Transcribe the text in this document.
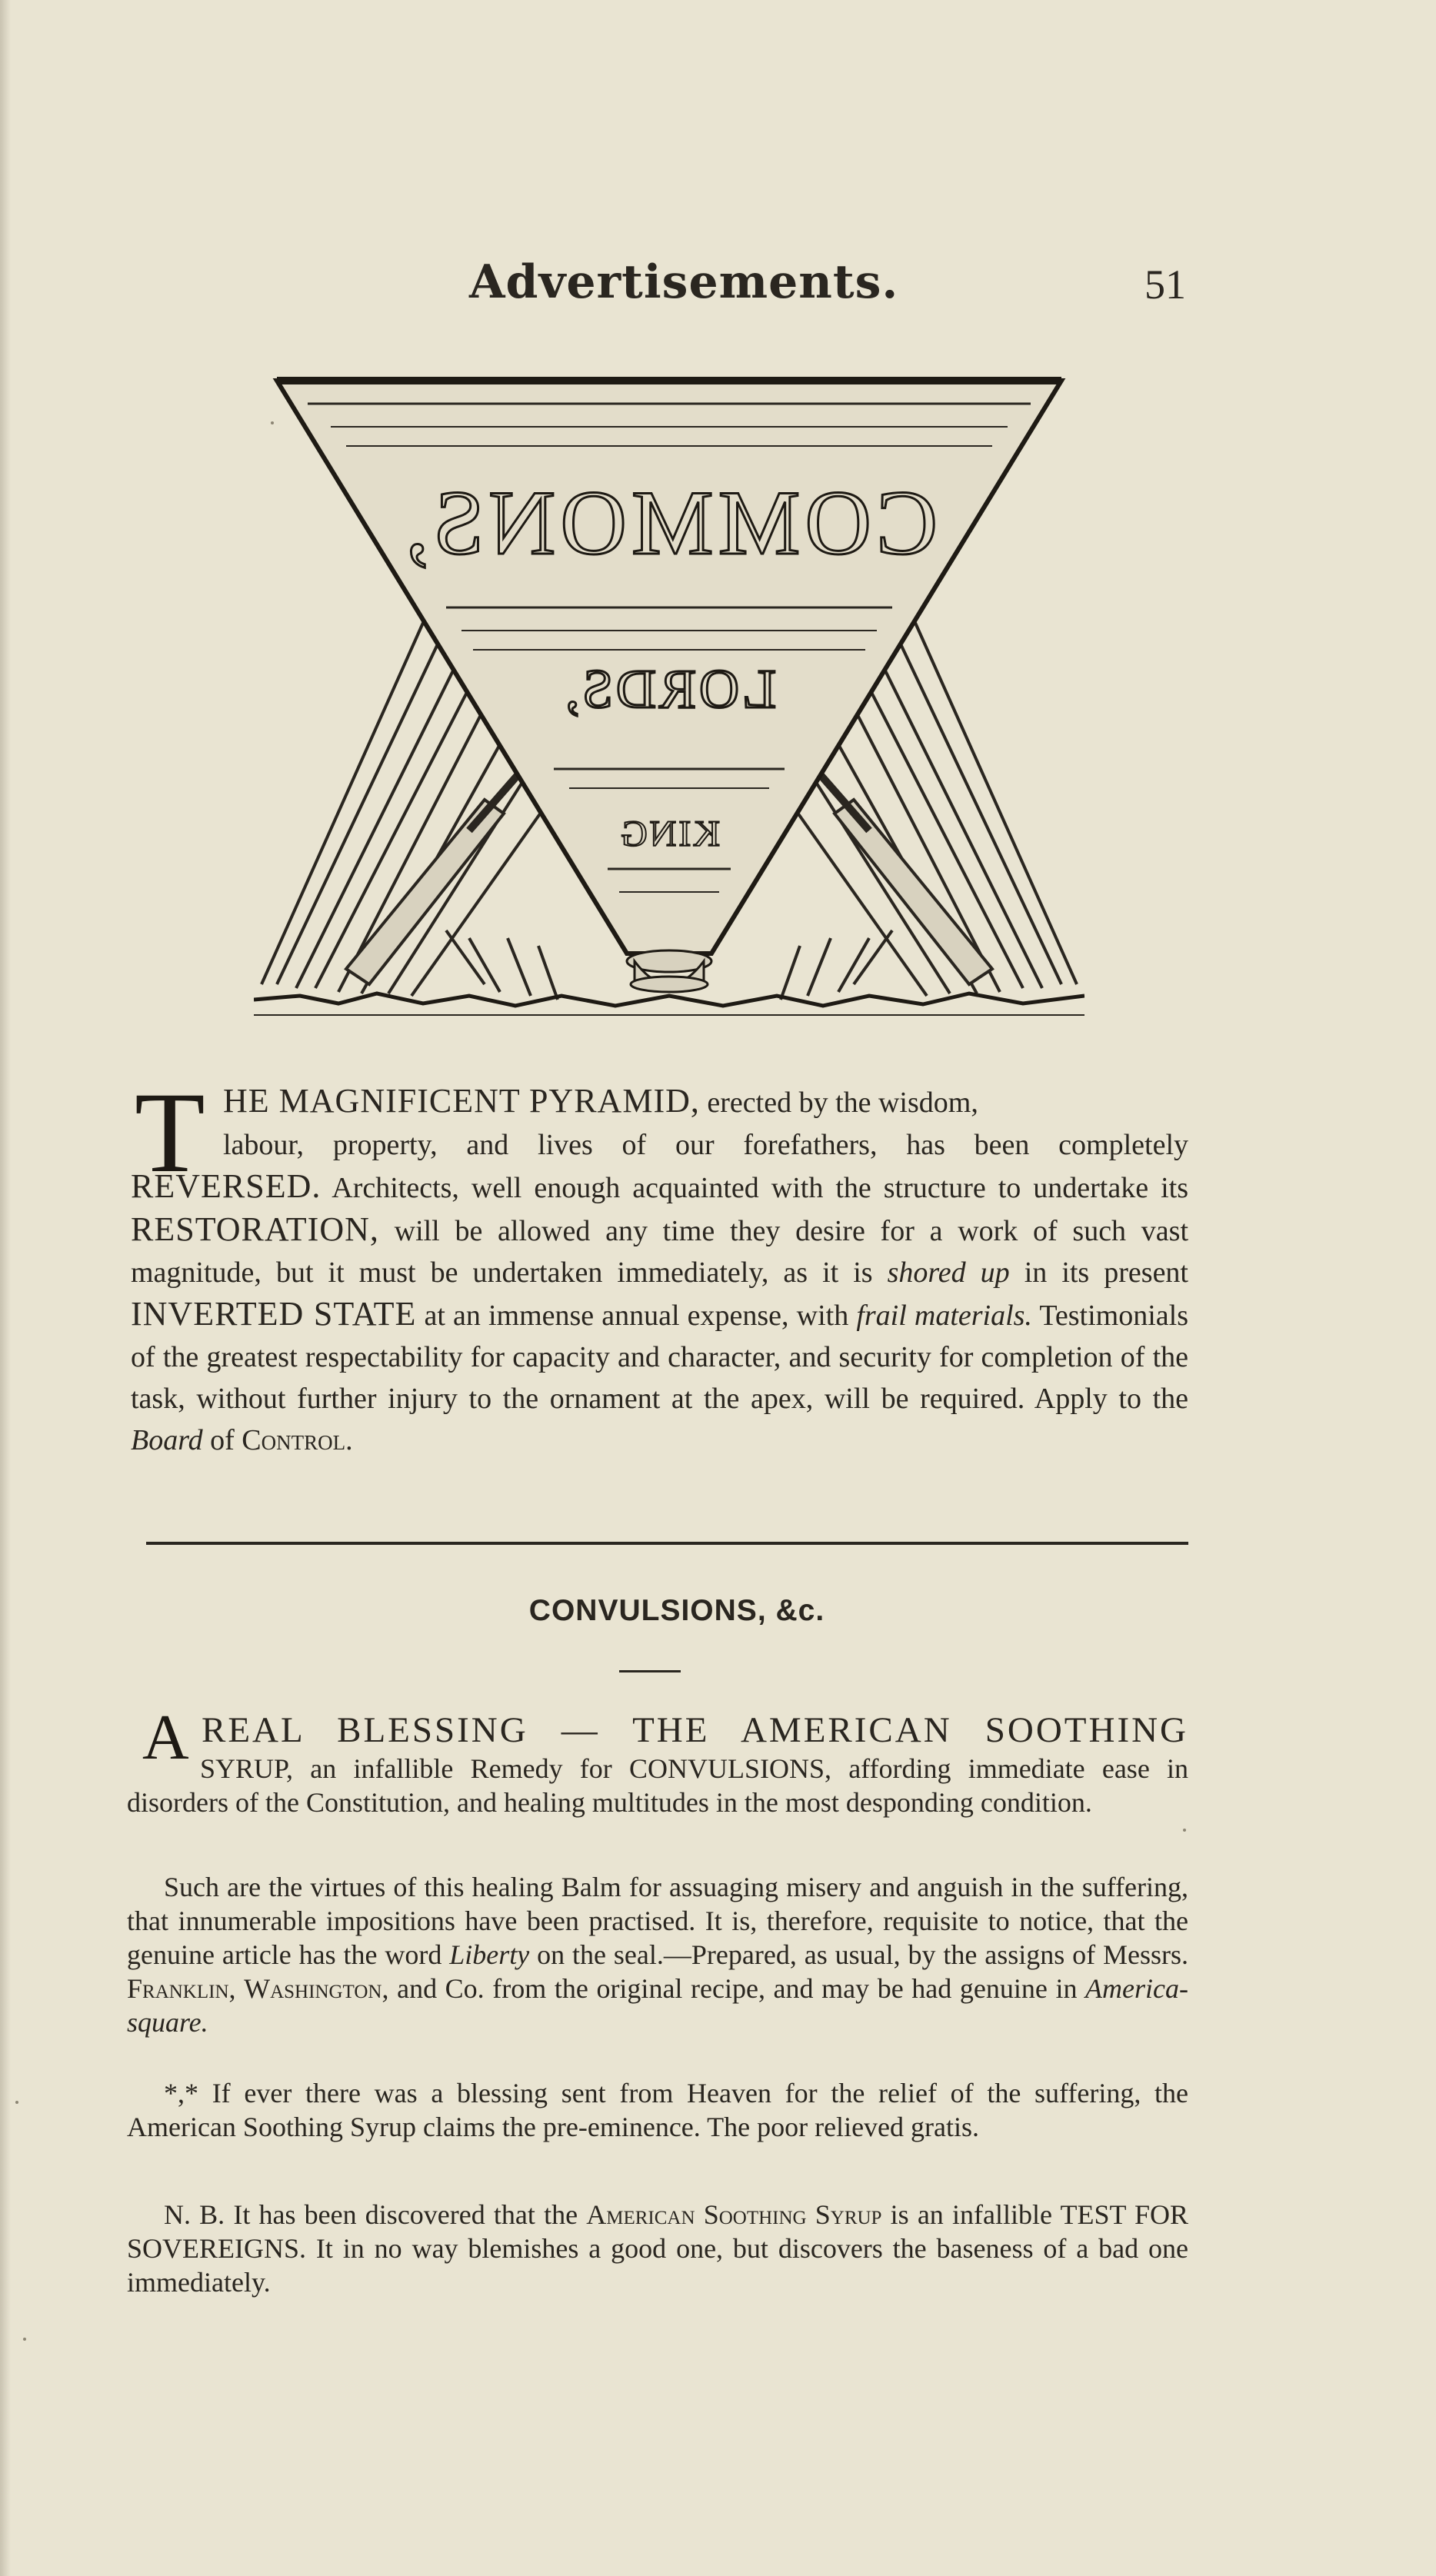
Advertisements.	51
COMMONS,
LORDS,
KING
T HE MAGNIFICENT PYRAMID, erected by the wisdom,
labour, property, and lives of our forefathers, has been completely REVERSED. Architects, well enough acquainted with the structure to undertake its RESTORATION, will be allowed any time they desire for a work of such vast magnitude, but it must be undertaken immediately, as it is shored up in its present INVERTED STATE at an immense annual expense, with frail materials. Testimonials of the greatest respectability for capacity and character, and security for completion of the task, without further injury to the ornament at the apex, will be required. Apply to the Board of Control.
CONVULSIONS, &c.
A REAL BLESSING — THE AMERICAN SOOTHING
SYRUP, an infallible Remedy for CONVULSIONS, affording immediate ease in disorders of the Constitution, and healing multitudes in the most desponding condition.
Such are the virtues of this healing Balm for assuaging misery and anguish in the suffering, that innumerable impositions have been practised. It is, therefore, requisite to notice, that the genuine article has the word Liberty on the seal.—Prepared, as usual, by the assigns of Messrs. Franklin, Washington, and Co. from the original recipe, and may be had genuine in America-square.
*,* If ever there was a blessing sent from Heaven for the relief of the suffering, the American Soothing Syrup claims the pre-eminence. The poor relieved gratis.
N. B. It has been discovered that the American Soothing Syrup is an infallible TEST FOR SOVEREIGNS. It in no way blemishes a good one, but discovers the baseness of a bad one immediately.
